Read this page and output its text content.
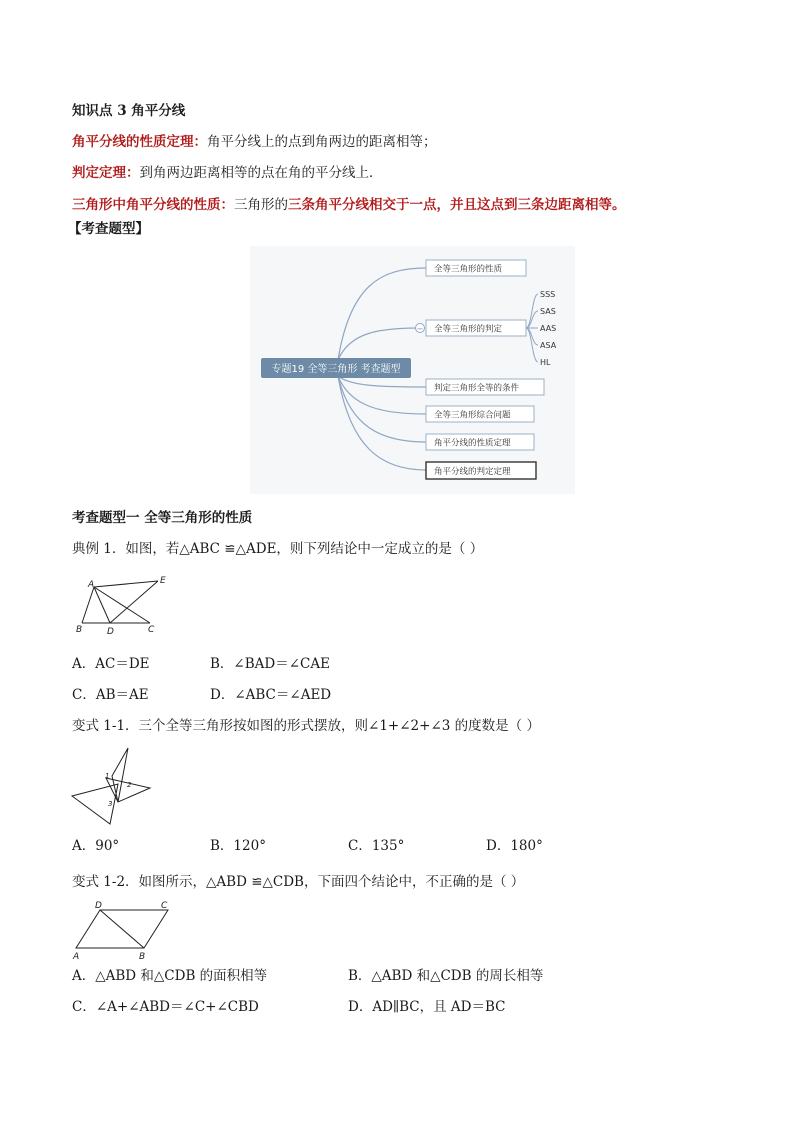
知识点 3 角平分线
角平分线的性质定理：角平分线上的点到角两边的距离相等；
判定定理：到角两边距离相等的点在角的平分线上．
三角形中角平分线的性质：三角形的三条角平分线相交于一点，并且这点到三条边距离相等。
【考查题型】
专题19 全等三角形 考查题型
−
全等三角形的性质
全等三角形的判定
判定三角形全等的条件
全等三角形综合问题
角平分线的性质定理
角平分线的判定定理
SSS
SAS
AAS
ASA
HL
考查题型一 全等三角形的性质
典例 1．如图，若△ABC ≌△ADE，则下列结论中一定成立的是（ ）
A
B	D	C
E
A．AC＝DE	B．∠BAD＝∠CAE
C．AB＝AE	D．∠ABC＝∠AED
变式 1-1．三个全等三角形按如图的形式摆放，则∠1+∠2+∠3 的度数是（ ）
1
2
3
A．90°	B．120°	C．135°	D．180°
变式 1-2．如图所示，△ABD ≌△CDB，下面四个结论中，不正确的是（ ）
D	C
A	B
A．△ABD 和△CDB 的面积相等	B．△ABD 和△CDB 的周长相等
C．∠A+∠ABD＝∠C+∠CBD	D．AD∥BC，且 AD＝BC
